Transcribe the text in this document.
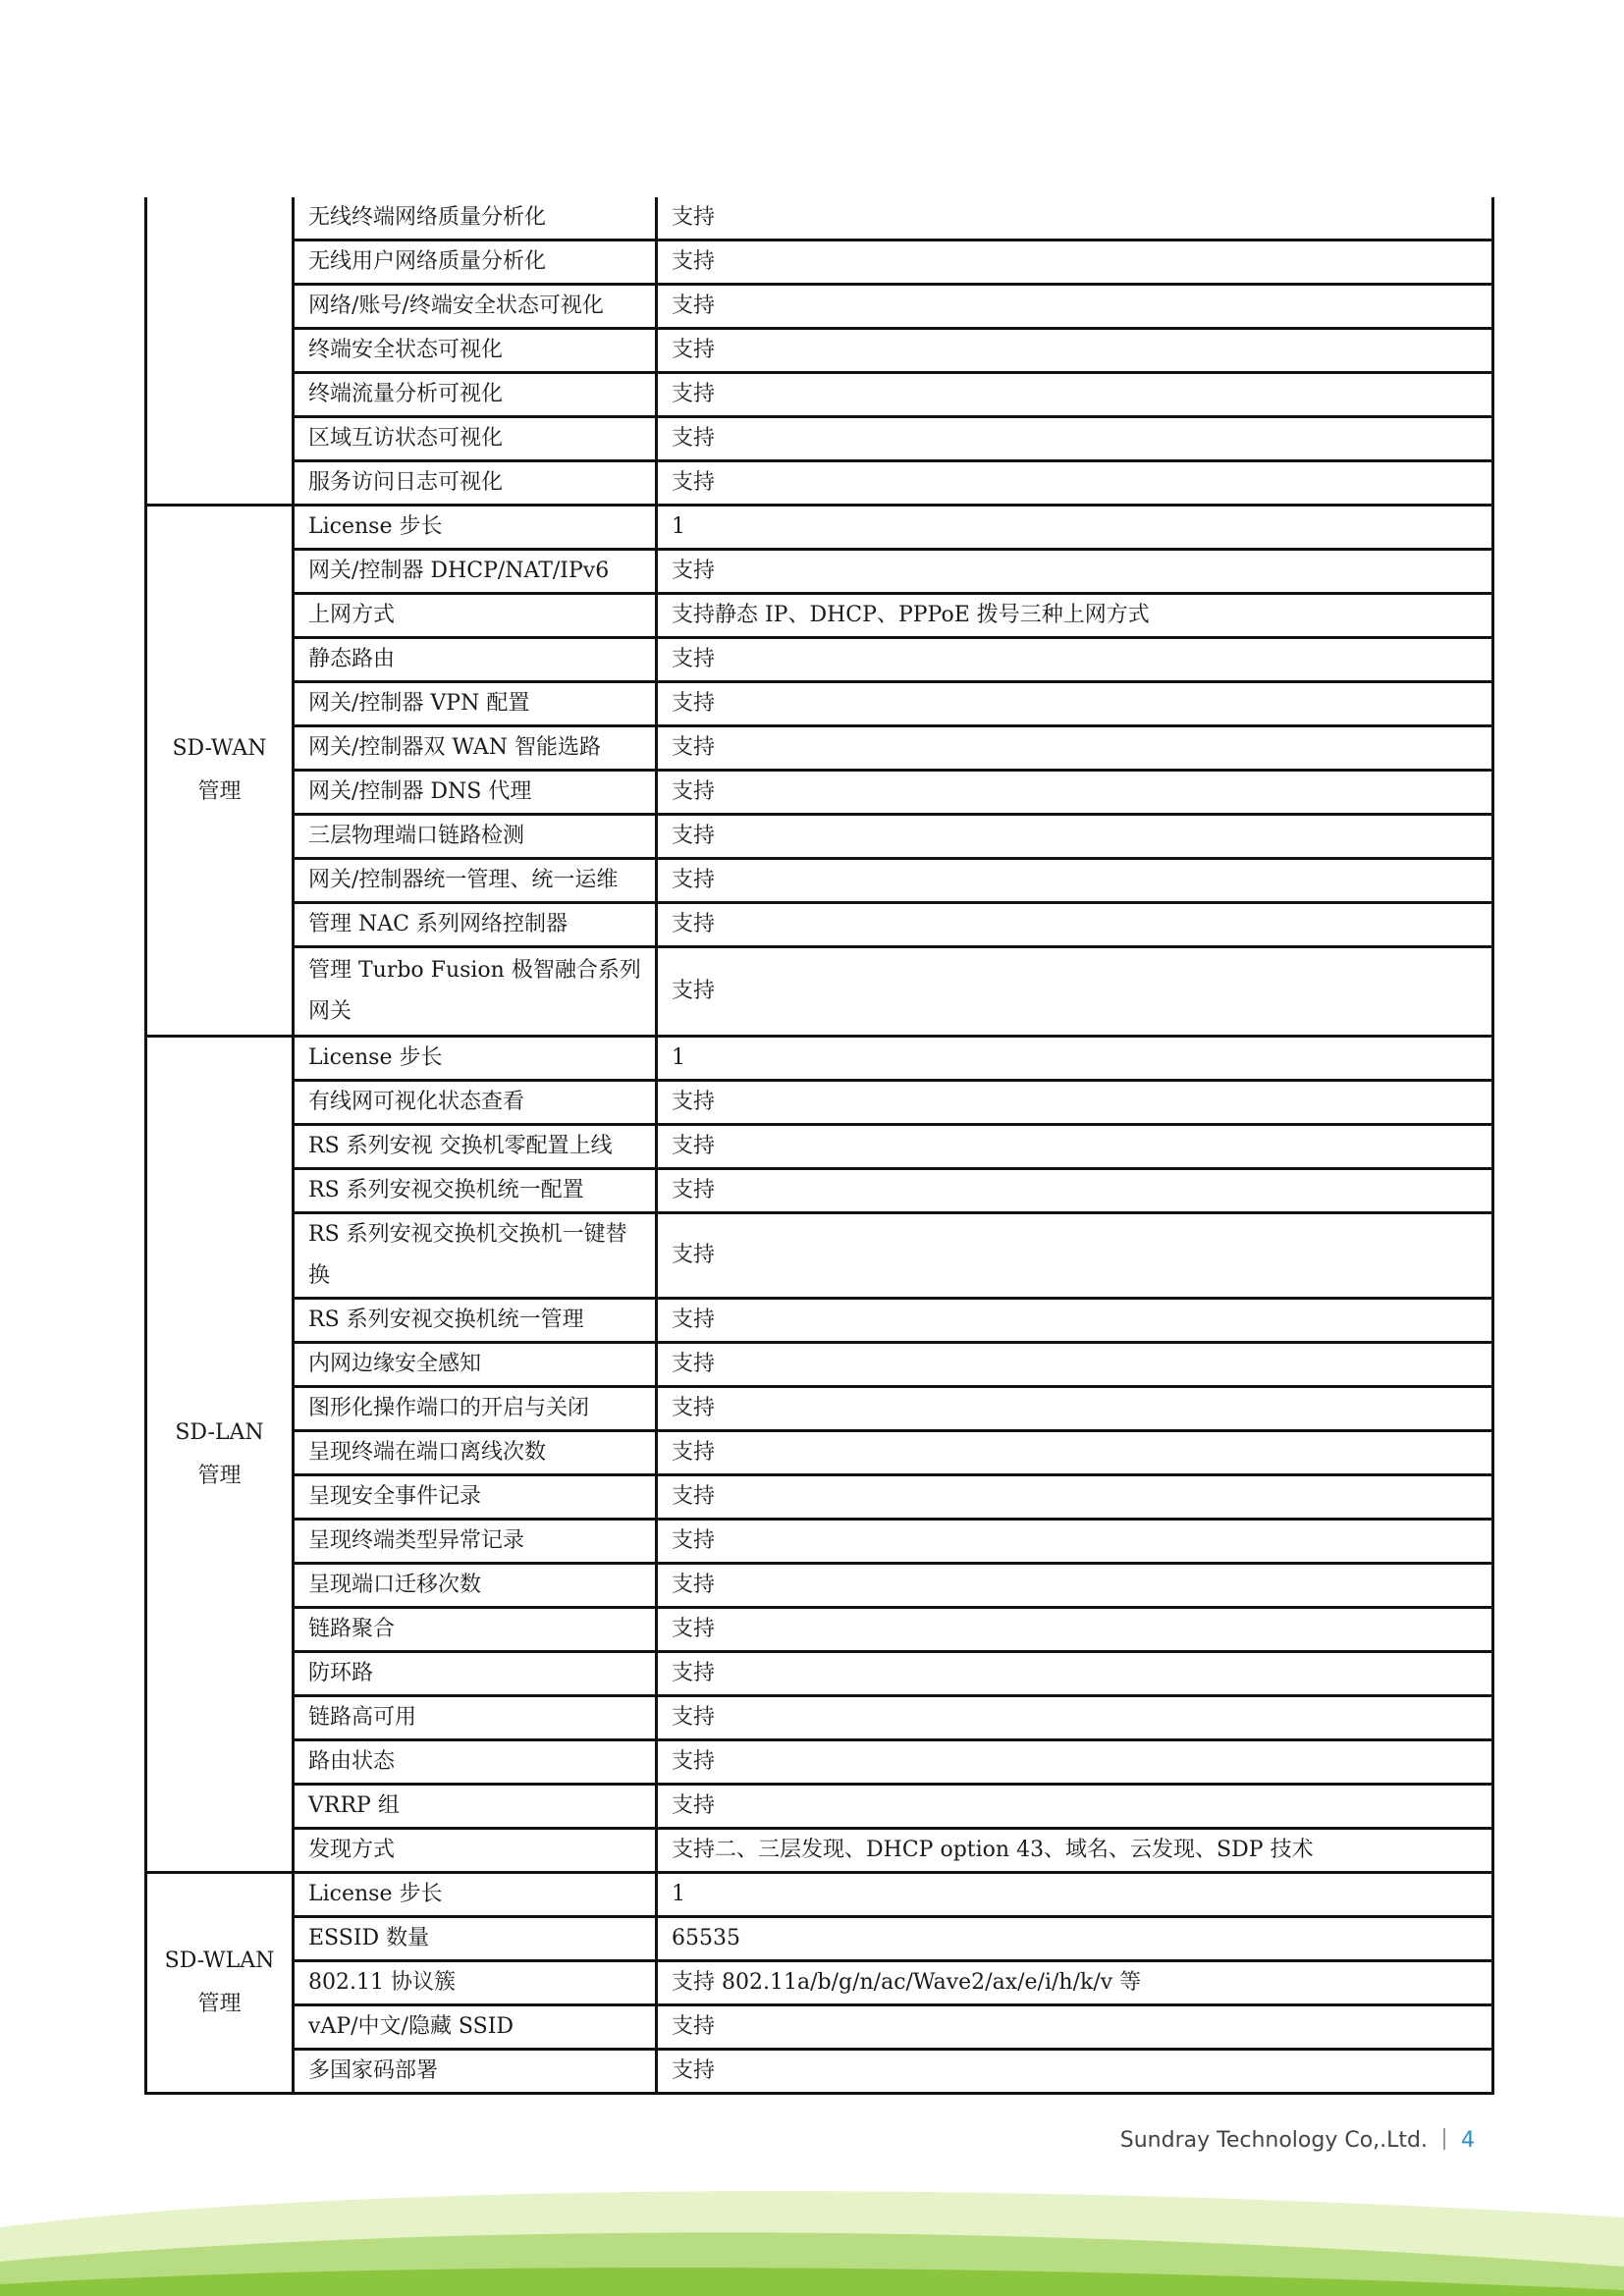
	无线终端网络质量分析化	支持
	无线用户网络质量分析化	支持
	网络/账号/终端安全状态可视化	支持
	终端安全状态可视化	支持
	终端流量分析可视化	支持
	区域互访状态可视化	支持
	服务访问日志可视化	支持
SD-WAN
管理	License 步长	1
	网关/控制器 DHCP/NAT/IPv6	支持
	上网方式	支持静态 IP、DHCP、PPPoE 拨号三种上网方式
	静态路由	支持
	网关/控制器 VPN 配置	支持
	网关/控制器双 WAN 智能选路	支持
	网关/控制器 DNS 代理	支持
	三层物理端口链路检测	支持
	网关/控制器统一管理、统一运维	支持
	管理 NAC 系列网络控制器	支持
	管理 Turbo Fusion 极智融合系列网关	支持
SD-LAN
管理	License 步长	1
	有线网可视化状态查看	支持
	RS 系列安视 交换机零配置上线	支持
	RS 系列安视交换机统一配置	支持
	RS 系列安视交换机交换机一键替换	支持
	RS 系列安视交换机统一管理	支持
	内网边缘安全感知	支持
	图形化操作端口的开启与关闭	支持
	呈现终端在端口离线次数	支持
	呈现安全事件记录	支持
	呈现终端类型异常记录	支持
	呈现端口迁移次数	支持
	链路聚合	支持
	防环路	支持
	链路高可用	支持
	路由状态	支持
	VRRP 组	支持
	发现方式	支持二、三层发现、DHCP option 43、域名、云发现、SDP 技术
SD-WLAN
管理	License 步长	1
	ESSID 数量	65535
	802.11 协议簇	支持 802.11a/b/g/n/ac/Wave2/ax/e/i/h/k/v 等
	vAP/中文/隐藏 SSID	支持
	多国家码部署	支持
Sundray Technology Co,.Ltd. 4
